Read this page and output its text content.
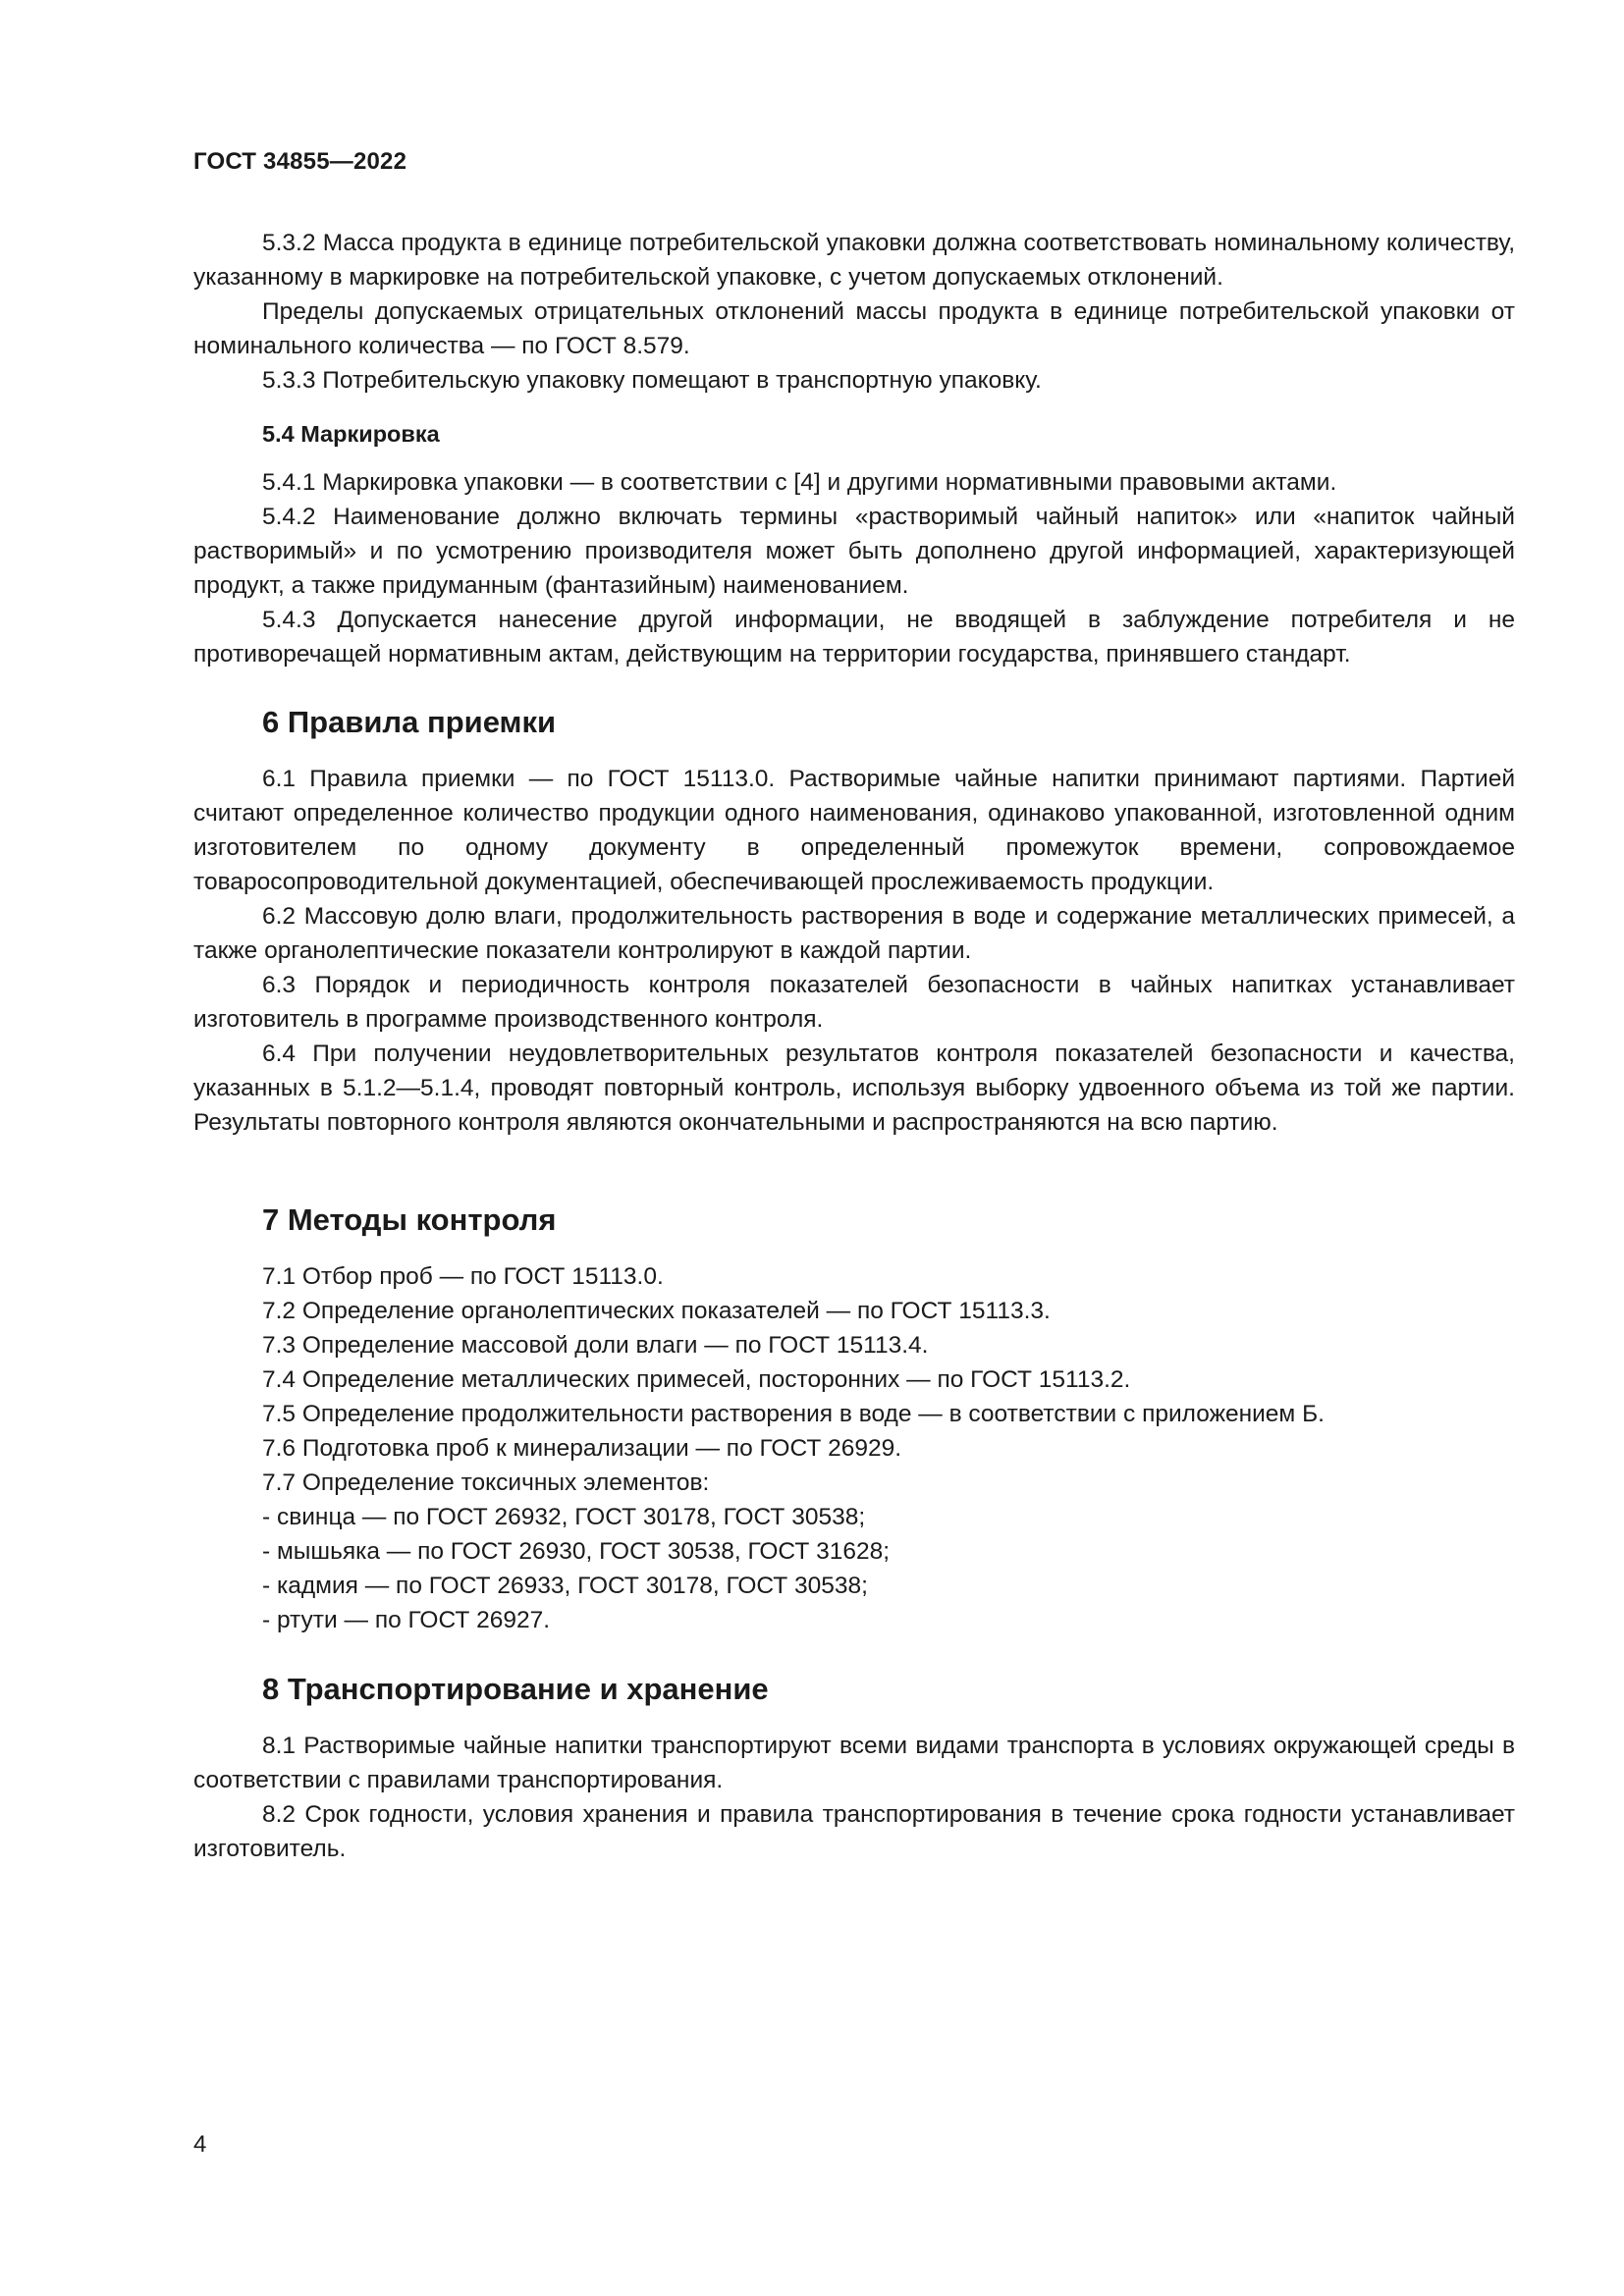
ГОСТ 34855—2022

5.3.2 Масса продукта в единице потребительской упаковки должна соответствовать номинальному количеству, указанному в маркировке на потребительской упаковке, с учетом допускаемых отклонений.

Пределы допускаемых отрицательных отклонений массы продукта в единице потребительской упаковки от номинального количества — по ГОСТ 8.579.

5.3.3 Потребительскую упаковку помещают в транспортную упаковку.

5.4 Маркировка

5.4.1 Маркировка упаковки — в соответствии с [4] и другими нормативными правовыми актами.

5.4.2 Наименование должно включать термины «растворимый чайный напиток» или «напиток чайный растворимый» и по усмотрению производителя может быть дополнено другой информацией, характеризующей продукт, а также придуманным (фантазийным) наименованием.

5.4.3 Допускается нанесение другой информации, не вводящей в заблуждение потребителя и не противоречащей нормативным актам, действующим на территории государства, принявшего стандарт.

6 Правила приемки

6.1 Правила приемки — по ГОСТ 15113.0. Растворимые чайные напитки принимают партиями. Партией считают определенное количество продукции одного наименования, одинаково упакованной, изготовленной одним изготовителем по одному документу в определенный промежуток времени, сопровождаемое товаросопроводительной документацией, обеспечивающей прослеживаемость продукции.

6.2 Массовую долю влаги, продолжительность растворения в воде и содержание металлических примесей, а также органолептические показатели контролируют в каждой партии.

6.3 Порядок и периодичность контроля показателей безопасности в чайных напитках устанавливает изготовитель в программе производственного контроля.

6.4 При получении неудовлетворительных результатов контроля показателей безопасности и качества, указанных в 5.1.2—5.1.4, проводят повторный контроль, используя выборку удвоенного объема из той же партии. Результаты повторного контроля являются окончательными и распространяются на всю партию.

7 Методы контроля

7.1 Отбор проб — по ГОСТ 15113.0.

7.2 Определение органолептических показателей — по ГОСТ 15113.3.

7.3 Определение массовой доли влаги — по ГОСТ 15113.4.

7.4 Определение металлических примесей, посторонних — по ГОСТ 15113.2.

7.5 Определение продолжительности растворения в воде — в соответствии с приложением Б.

7.6 Подготовка проб к минерализации — по ГОСТ 26929.

7.7 Определение токсичных элементов:

- свинца — по ГОСТ 26932, ГОСТ 30178, ГОСТ 30538;

- мышьяка — по ГОСТ 26930, ГОСТ 30538, ГОСТ 31628;

- кадмия — по ГОСТ 26933, ГОСТ 30178, ГОСТ 30538;

- ртути — по ГОСТ 26927.

8 Транспортирование и хранение

8.1 Растворимые чайные напитки транспортируют всеми видами транспорта в условиях окружающей среды в соответствии с правилами транспортирования.

8.2 Срок годности, условия хранения и правила транспортирования в течение срока годности устанавливает изготовитель.

4
